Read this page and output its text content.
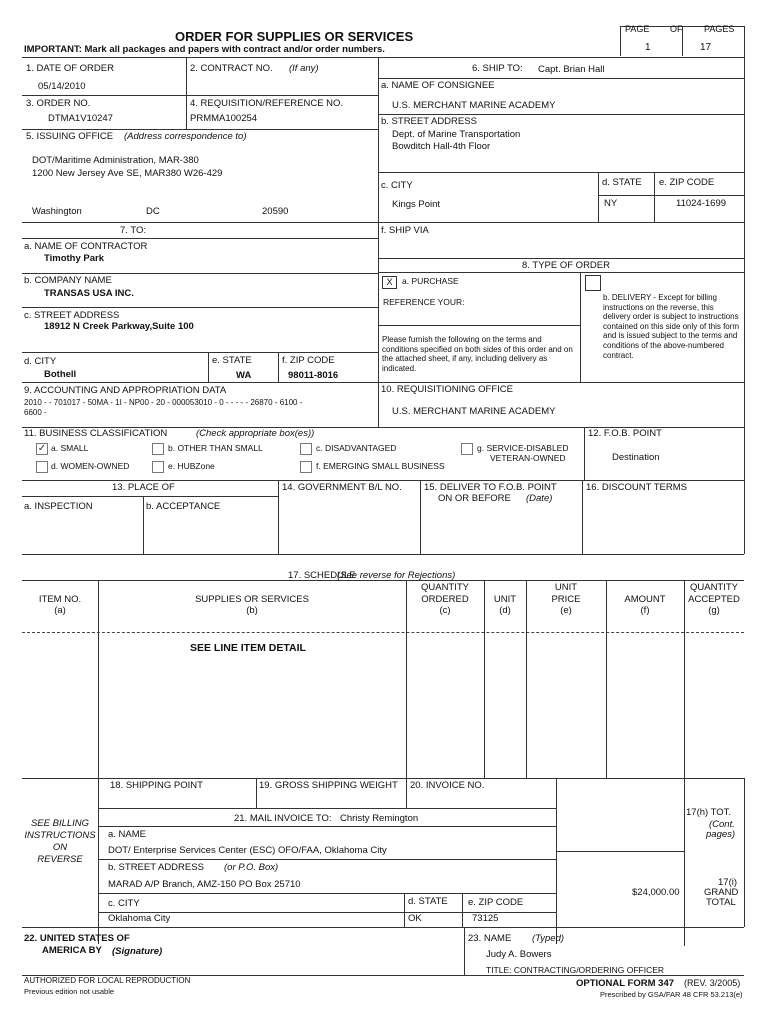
PAGE OF PAGES
1	17
ORDER FOR SUPPLIES OR SERVICES
IMPORTANT: Mark all packages and papers with contract and/or order numbers.
1. DATE OF ORDER
05/14/2010
2. CONTRACT NO. (If any)
3. ORDER NO.
DTMA1V10247
4. REQUISITION/REFERENCE NO.
PRMMA100254
5. ISSUING OFFICE (Address correspondence to)
DOT/Maritime Administration, MAR-380
1200 New Jersey Ave SE, MAR380 W26-429
Washington	DC	20590
6. SHIP TO: Capt. Brian Hall
a. NAME OF CONSIGNEE
U.S. MERCHANT MARINE ACADEMY
b. STREET ADDRESS
Dept. of Marine Transportation
Bowditch Hall-4th Floor
c. CITY
Kings Point
d. STATE
NY
e. ZIP CODE
11024-1699
f. SHIP VIA
7. TO:
a. NAME OF CONTRACTOR
Timothy Park
b. COMPANY NAME
TRANSAS USA INC.
c. STREET ADDRESS
18912 N Creek Parkway,Suite 100
d. CITY
Bothell
e. STATE
WA
f. ZIP CODE
98011-8016
8. TYPE OF ORDER
X	a. PURCHASE
REFERENCE YOUR:
Please furnish the following on the terms and conditions specified on both sides of this order and on the attached sheet, if any, including delivery as indicated.
b. DELIVERY - Except for billing instructions on the reverse, this delivery order is subject to instructions contained on this side only of this form and is issued subject to the terms and conditions of the above-numbered contract.
9. ACCOUNTING AND APPROPRIATION DATA
2010 - - 701017 - 50MA - 1I - NP00 - 20 - 000053010 - 0 - - - - - 26870 - 6100 -
6600 -
10. REQUISITIONING OFFICE
U.S. MERCHANT MARINE ACADEMY
11. BUSINESS CLASSIFICATION	(Check appropriate box(es))
✓ a. SMALL	b. OTHER THAN SMALL	c. DISADVANTAGED	g. SERVICE-DISABLED
VETERAN-OWNED
d. WOMEN-OWNED	e. HUBZone	f. EMERGING SMALL BUSINESS
12. F.O.B. POINT
Destination
13. PLACE OF
a. INSPECTION	b. ACCEPTANCE
14. GOVERNMENT B/L NO. 15. DELIVER TO F.O.B. POINT
ON OR BEFORE (Date)
16. DISCOUNT TERMS
17. SCHEDULE
(See reverse for Rejections)
ITEM NO.
(a)
SUPPLIES OR SERVICES
(b)
QUANTITY
ORDERED
(c)
UNIT
(d)
UNIT
PRICE
(e)
AMOUNT
(f)
QUANTITY
ACCEPTED
(g)
SEE LINE ITEM DETAIL
18. SHIPPING POINT	19. GROSS SHIPPING WEIGHT 20. INVOICE NO.
SEE BILLING
INSTRUCTIONS
ON
REVERSE
21. MAIL INVOICE TO: Christy Remington
a. NAME
DOT/ Enterprise Services Center (ESC) OFO/FAA, Oklahoma City
b. STREET ADDRESS (or P.O. Box)
MARAD A/P Branch, AMZ-150 PO Box 25710
c. CITY
Oklahoma City
d. STATE
OK
e. ZIP CODE
73125
17(h) TOT.
(Cont.
pages)
17(i)
GRAND
TOTAL
$24,000.00
22. UNITED STATES OF
AMERICA BY (Signature)
23. NAME (Typed)
Judy A. Bowers
TITLE: CONTRACTING/ORDERING OFFICER
AUTHORIZED FOR LOCAL REPRODUCTION
Previous edition not usable
OPTIONAL FORM 347 (REV. 3/2005)
Prescribed by GSA/FAR 48 CFR 53.213(e)
